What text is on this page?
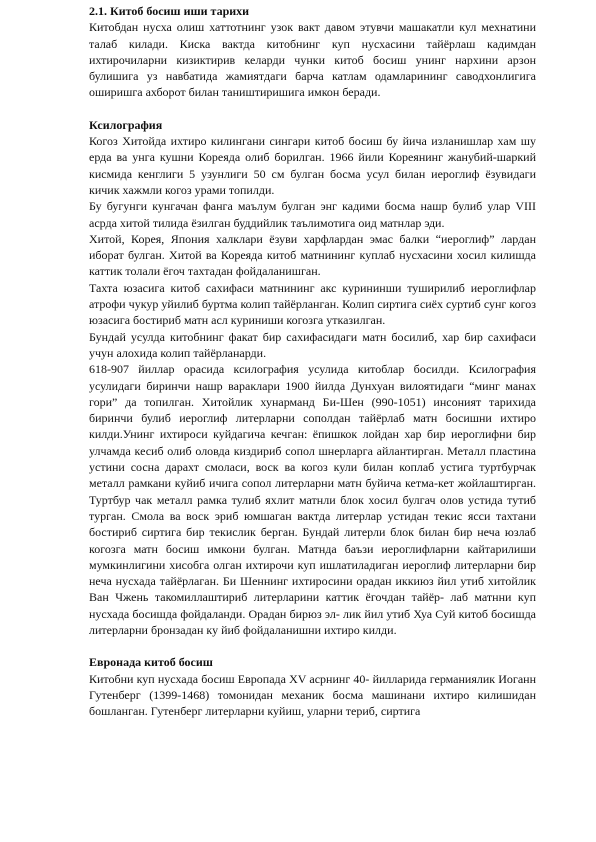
2.1. Китоб босиш иши тарихи

Китобдан нусха олиш хаттотнинг узок вакт давом этувчи машакатли кул мехнатини талаб килади. Киска вактда китобнинг куп нусхасини тайёрлаш кадимдан ихтирочиларни кизиктирив келарди чунки китоб босиш унинг нархини арзон булишига уз навбатида жамиятдаги барча катлам одамларининг саводхонлигига оширишга ахборот билан таништиришига имкон беради.

Ксилография

Когоз Хитойда ихтиро килингани сингари китоб босиш бу йича изланишлар хам шу ерда ва унга кушни Кореяда олиб борилган. 1966 йили Кореянинг жанубий-шаркий кисмида кенглиги 5 узунлиги 50 см булган босма усул билан иероглиф ёзувидаги кичик хажмли когоз урами топилди.

Бу бугунги кунгачан фанга маълум булган энг кадими босма нашр булиб улар VIII асрда хитой тилида ёзилган буддийлик таълимотига оид матнлар эди.

Хитой, Корея, Япония халклари ёзуви харфлардан эмас балки “иероглиф” лардан иборат булган. Хитой ва Кореяда китоб матнининг куплаб нусхасини хосил килишда каттик толали ёгоч тахтадан фойдаланишган.

Тахта юзасига китоб сахифаси матнининг акс курининши туширилиб иероглифлар атрофи чукур уйилиб буртма колип тайёрланган. Колип сиртига сиёх суртиб сунг когоз юзасига бостириб матн асл куриниши когозга утказилган.

Бундай усулда китобнинг факат бир сахифасидаги матн босилиб, хар бир сахифаси учун алохида колип тайёрланарди.

618-907 йиллар орасида ксилография усулида китоблар босилди. Ксилография усулидаги биринчи нашр вараклари 1900 йилда Дунхуан вилоятидаги “минг манах гори” да топилган. Хитойлик хунарманд Би-Шен (990-1051) инсоният тарихида биринчи булиб иероглиф литерларни сополдан тайёрлаб матн босишни ихтиро килди.Унинг ихтироси куйдагича кечган: ёпишкок лойдан хар бир иероглифни бир улчамда кесиб олиб оловда киздириб сопол шнерларга айлантирган. Металл пластина устини сосна дарахт смоласи, воск ва когоз кули билан коплаб устига туртбурчак металл рамкани куйиб ичига сопол литерларни матн буйича кетма-кет жойлаштирган. Туртбур чак металл рамка тулиб яхлит матнли блок хосил булгач олов устида тутиб турган. Смола ва воск эриб юмшаган вактда литерлар устидан текис ясси тахтани бостириб сиртига бир текислик берган. Бундай литерли блок билан бир неча юзлаб когозга матн босиш имкони булган. Матнда баъзи иероглифларни кайтарилиши мумкинлигини хисобга олган ихтирочи куп ишлатиладиган иероглиф литерларни бир неча нусхада тайёрлаган. Би Шеннинг ихтиросини орадан иккиюз йил утиб хитойлик Ван Чжень такомиллаштириб литерларини каттик ёгочдан тайёр- лаб матнни куп нусхада босишда фойдаланди. Орадан бирюз эл- лик йил утиб Хуа Суй китоб босишда литерларни бронзадан ку йиб фойдаланишни ихтиро килди.

Евронада китоб босиш

Китобни куп нусхада босиш Европада XV асрнинг 40- йилларида германиялик Иоганн Гутенберг (1399-1468) томонидан механик босма машинани ихтиро килишидан бошланган. Гутенберг литерларни куйиш, уларни териб, сиртига
